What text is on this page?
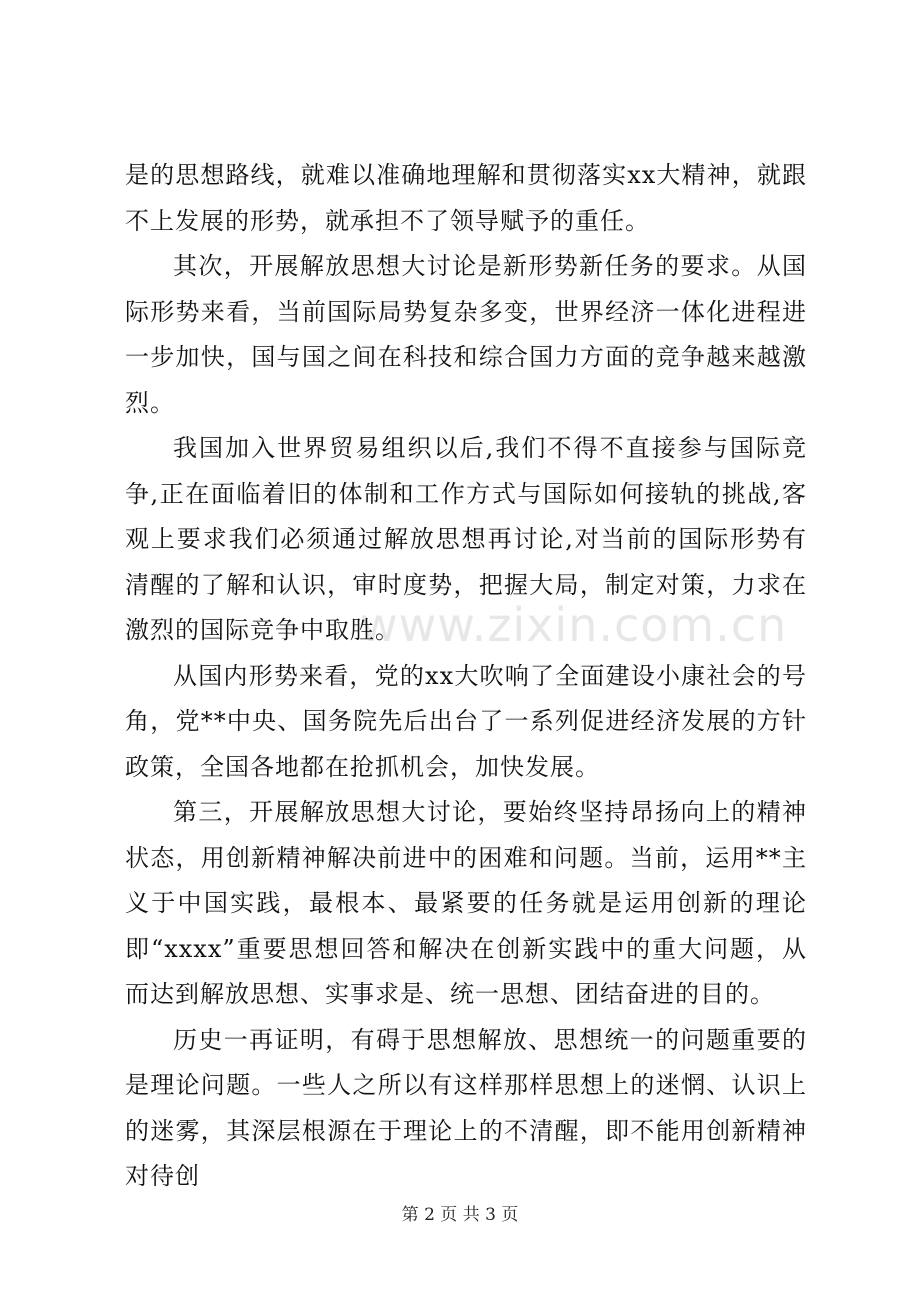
www.zixin.com.cn

是的思想路线，就难以准确地理解和贯彻落实xx大精神，就跟不上发展的形势，就承担不了领导赋予的重任。

其次，开展解放思想大讨论是新形势新任务的要求。从国际形势来看，当前国际局势复杂多变，世界经济一体化进程进一步加快，国与国之间在科技和综合国力方面的竞争越来越激烈。

我国加入世界贸易组织以后,我们不得不直接参与国际竞争,正在面临着旧的体制和工作方式与国际如何接轨的挑战,客观上要求我们必须通过解放思想再讨论,对当前的国际形势有清醒的了解和认识，审时度势，把握大局，制定对策，力求在激烈的国际竞争中取胜。

从国内形势来看，党的xx大吹响了全面建设小康社会的号角，党**中央、国务院先后出台了一系列促进经济发展的方针政策，全国各地都在抢抓机会，加快发展。

第三，开展解放思想大讨论，要始终坚持昂扬向上的精神状态，用创新精神解决前进中的困难和问题。当前，运用**主义于中国实践，最根本、最紧要的任务就是运用创新的理论即“xxxx”重要思想回答和解决在创新实践中的重大问题，从而达到解放思想、实事求是、统一思想、团结奋进的目的。

历史一再证明，有碍于思想解放、思想统一的问题重要的是理论问题。一些人之所以有这样那样思想上的迷惘、认识上的迷雾，其深层根源在于理论上的不清醒，即不能用创新精神对待创

第 2 页 共 3 页
